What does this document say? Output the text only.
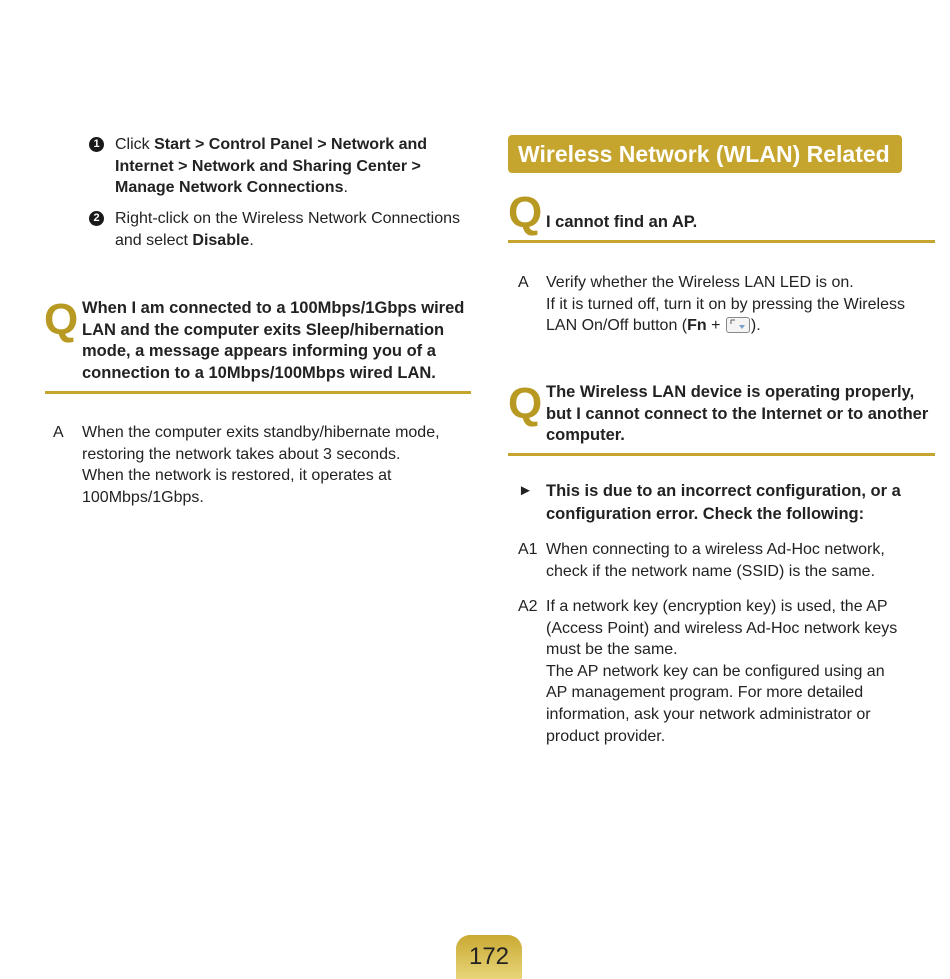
1 Click Start > Control Panel > Network and
Internet > Network and Sharing Center >
Manage Network Connections.
2 Right-click on the Wireless Network Connections
and select Disable.
Q When I am connected to a 100Mbps/1Gbps wired
LAN and the computer exits Sleep/hibernation
mode, a message appears informing you of a
connection to a 10Mbps/100Mbps wired LAN.
A When the computer exits standby/hibernate mode,
restoring the network takes about 3 seconds.
When the network is restored, it operates at
100Mbps/1Gbps.
Wireless Network (WLAN) Related
Q I cannot find an AP.
A Verify whether the Wireless LAN LED is on.
If it is turned off, turn it on by pressing the Wireless
LAN On/Off button (Fn +
).
Q The Wireless LAN device is operating properly,
but I cannot connect to the Internet or to another
computer.
► This is due to an incorrect configuration, or a
configuration error. Check the following:
A1 When connecting to a wireless Ad-Hoc network,
check if the network name (SSID) is the same.
A2 If a network key (encryption key) is used, the AP
(Access Point) and wireless Ad-Hoc network keys
must be the same.
The AP network key can be configured using an
AP management program. For more detailed
information, ask your network administrator or
product provider.
172
